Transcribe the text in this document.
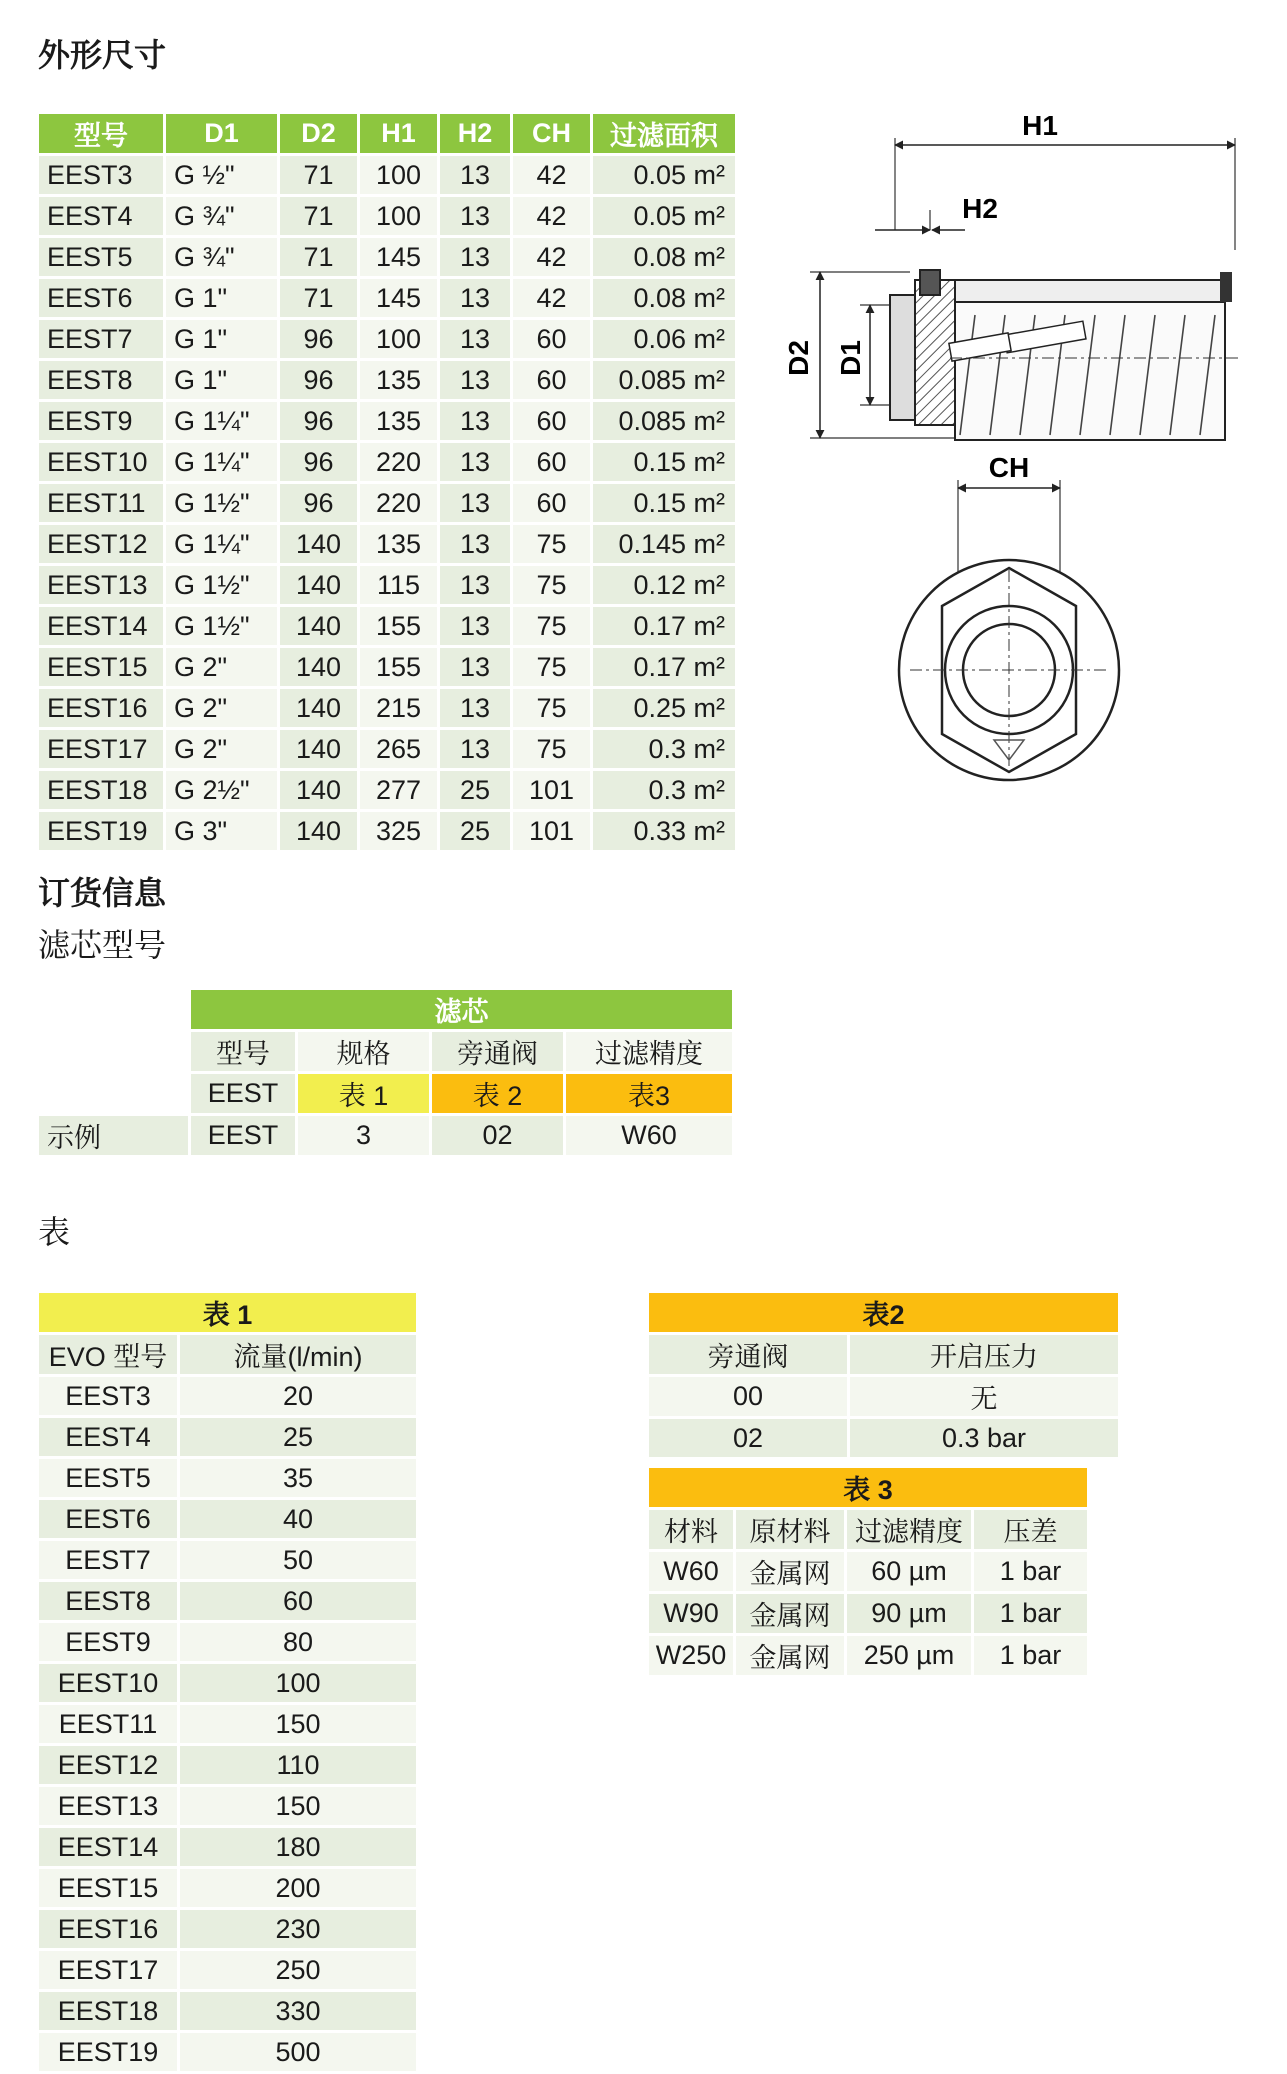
外形尺寸
型号	D1	D2	H1	H2	CH	过滤面积
EEST3	G ½"	71	100	13	42	0.05 m²
EEST4	G ¾"	71	100	13	42	0.05 m²
EEST5	G ¾"	71	145	13	42	0.08 m²
EEST6	G 1"	71	145	13	42	0.08 m²
EEST7	G 1"	96	100	13	60	0.06 m²
EEST8	G 1"	96	135	13	60	0.085 m²
EEST9	G 1¼"	96	135	13	60	0.085 m²
EEST10	G 1¼"	96	220	13	60	0.15 m²
EEST11	G 1½"	96	220	13	60	0.15 m²
EEST12	G 1¼"	140	135	13	75	0.145 m²
EEST13	G 1½"	140	115	13	75	0.12 m²
EEST14	G 1½"	140	155	13	75	0.17 m²
EEST15	G 2"	140	155	13	75	0.17 m²
EEST16	G 2"	140	215	13	75	0.25 m²
EEST17	G 2"	140	265	13	75	0.3 m²
EEST18	G 2½"	140	277	25	101	0.3 m²
EEST19	G 3"	140	325	25	101	0.33 m²
H1
H2
D2 D1
CH
订货信息
滤芯型号
	滤芯			
	型号	规格	旁通阀	过滤精度
	EEST	表 1	表 2	表3
示例	EEST	3	02	W60
表
表 1	
EVO 型号	流量(l/min)
EEST3	20
EEST4	25
EEST5	35
EEST6	40
EEST7	50
EEST8	60
EEST9	80
EEST10	100
EEST11	150
EEST12	110
EEST13	150
EEST14	180
EEST15	200
EEST16	230
EEST17	250
EEST18	330
EEST19	500
表2	
旁通阀	开启压力
00	无
02	0.3 bar
表 3			
材料	原材料	过滤精度	压差
W60	金属网	60 µm	1 bar
W90	金属网	90 µm	1 bar
W250	金属网	250 µm	1 bar
